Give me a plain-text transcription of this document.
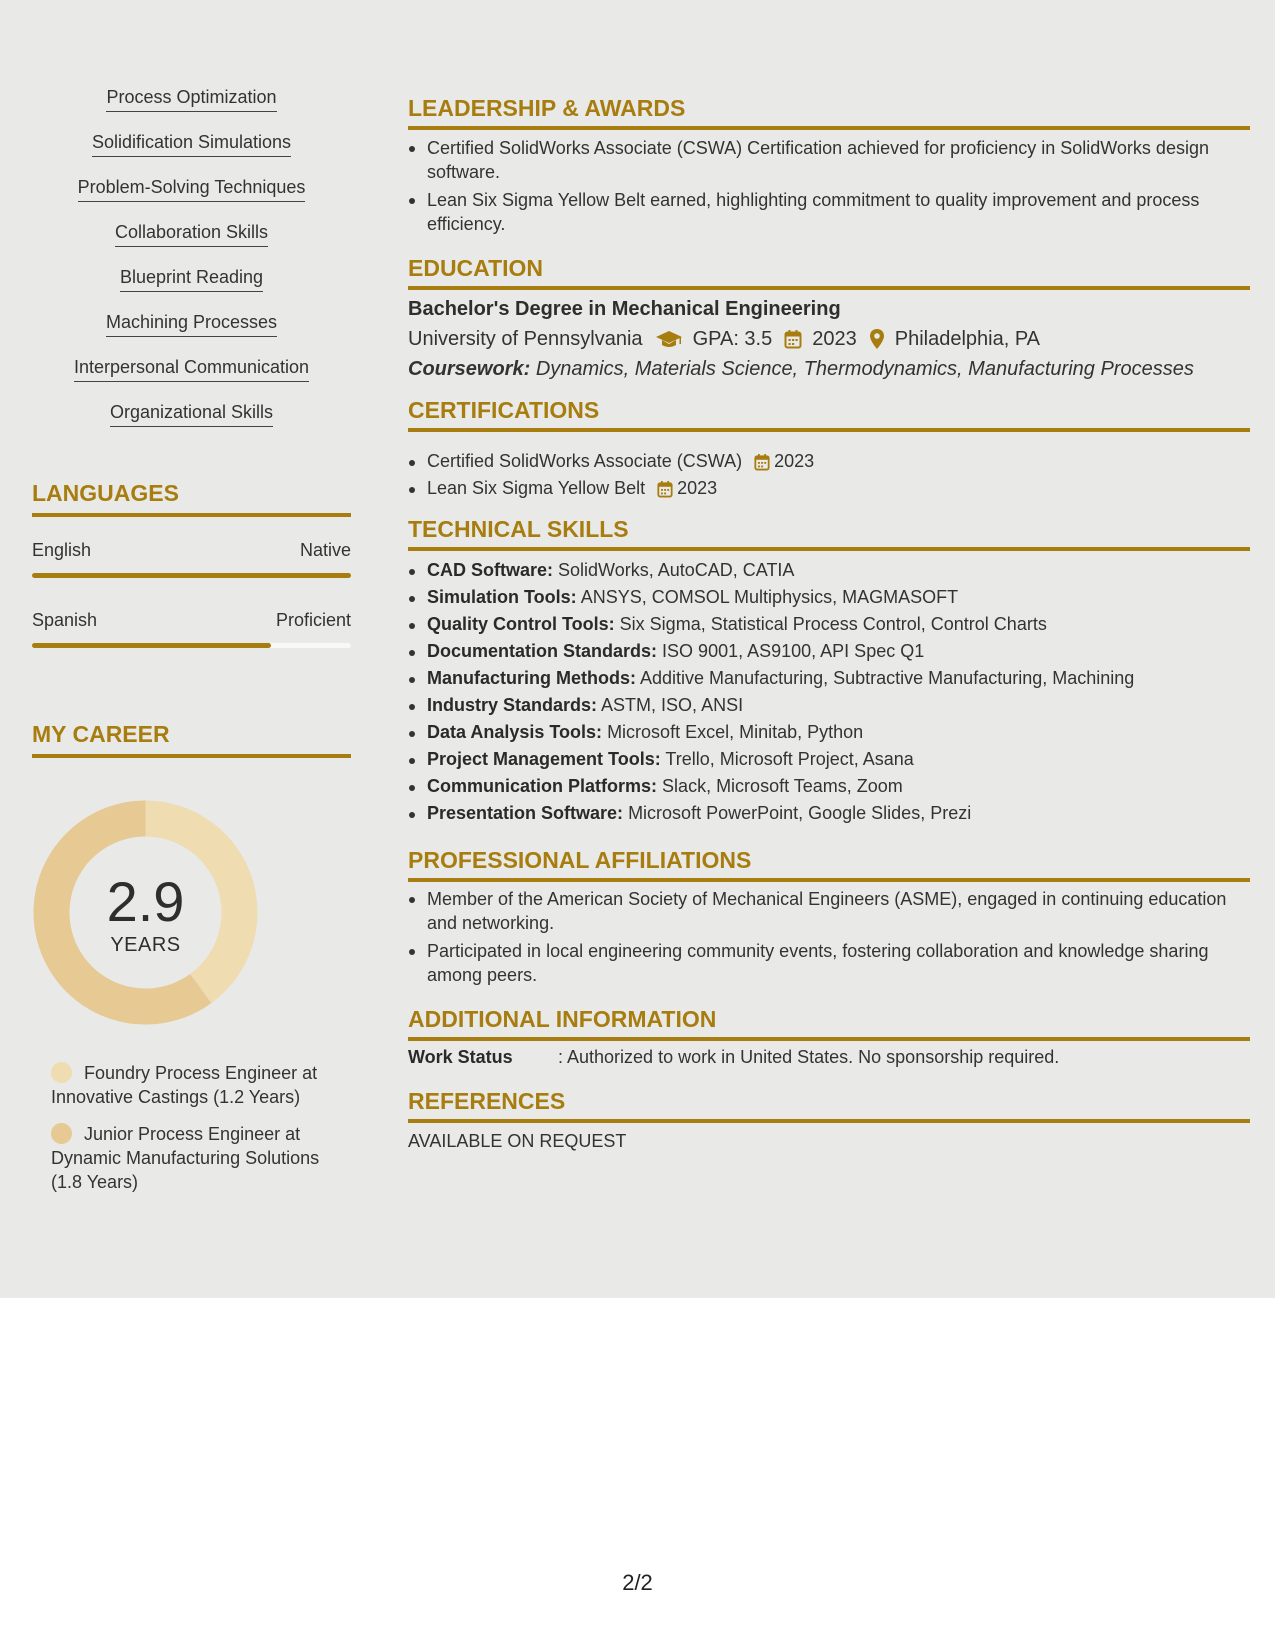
Process Optimization
Solidification Simulations
Problem-Solving Techniques
Collaboration Skills
Blueprint Reading
Machining Processes
Interpersonal Communication
Organizational Skills
LANGUAGES
English	Native
Spanish	Proficient
MY CAREER
Foundry Process Engineer at Innovative Castings (1.2 Years)
Junior Process Engineer at Dynamic Manufacturing Solutions (1.8 Years)
2.9
YEARS
LEADERSHIP & AWARDS
Certified SolidWorks Associate (CSWA) Certification achieved for proficiency in SolidWorks design software.
Lean Six Sigma Yellow Belt earned, highlighting commitment to quality improvement and process efficiency.
EDUCATION
Bachelor's Degree in Mechanical Engineering
University of Pennsylvania	GPA: 3.5 2023 Philadelphia, PA
Coursework: Dynamics, Materials Science, Thermodynamics, Manufacturing Processes
CERTIFICATIONS
Certified SolidWorks Associate (CSWA) 2023
Lean Six Sigma Yellow Belt 2023
TECHNICAL SKILLS
CAD Software: SolidWorks, AutoCAD, CATIA
Simulation Tools: ANSYS, COMSOL Multiphysics, MAGMASOFT
Quality Control Tools: Six Sigma, Statistical Process Control, Control Charts
Documentation Standards: ISO 9001, AS9100, API Spec Q1
Manufacturing Methods: Additive Manufacturing, Subtractive Manufacturing, Machining
Industry Standards: ASTM, ISO, ANSI
Data Analysis Tools: Microsoft Excel, Minitab, Python
Project Management Tools: Trello, Microsoft Project, Asana
Communication Platforms: Slack, Microsoft Teams, Zoom
Presentation Software: Microsoft PowerPoint, Google Slides, Prezi
PROFESSIONAL AFFILIATIONS
Member of the American Society of Mechanical Engineers (ASME), engaged in continuing education and networking.
Participated in local engineering community events, fostering collaboration and knowledge sharing among peers.
ADDITIONAL INFORMATION
Work Status	: Authorized to work in United States. No sponsorship required.
REFERENCES
AVAILABLE ON REQUEST
2/2
